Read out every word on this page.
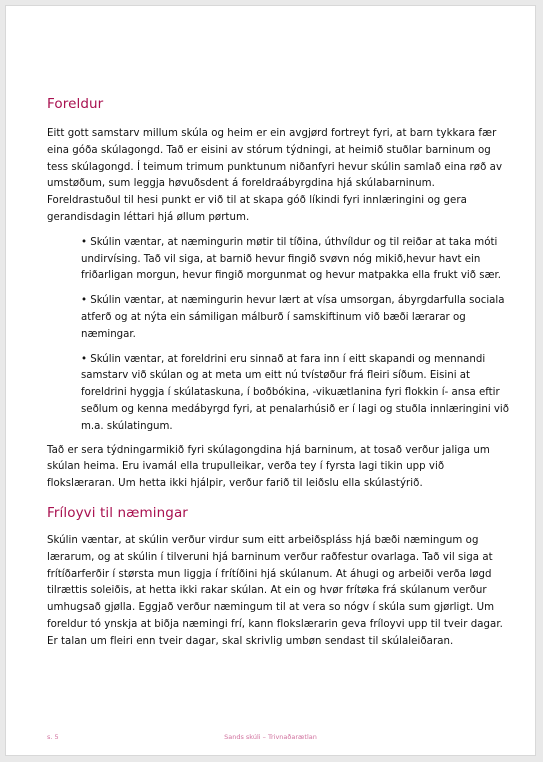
Foreldur

Eitt gott samstarv millum skúla og heim er ein avgjørd fortreyt fyri, at barn tykkara fær eina góða skúlagongd. Tað er eisini av stórum týdningi, at heimið stuðlar barninum og tess skúlagongd. Í teimum trimum punktunum niðanfyri hevur skúlin samlað eina røð av umstøðum, sum leggja høvuðsdent á foreldraábyrgdina hjá skúlabarninum. Foreldrastuðul til hesi punkt er við til at skapa góð líkindi fyri innlæringini og gera gerandisdagin léttari hjá øllum pørtum.

• Skúlin væntar, at næmingurin møtir til tíðina, úthvíldur og til reiðar at taka móti undirvísing. Tað vil siga, at barnið hevur fingið svøvn nóg mikið,hevur havt ein friðarligan morgun, hevur fingið morgunmat og hevur matpakka ella frukt við sær.
• Skúlin væntar, at næmingurin hevur lært at vísa umsorgan, ábyrgdarfulla sociala atferð og at nýta ein sámiligan málburð í samskiftinum við bæði lærarar og næmingar.
• Skúlin væntar, at foreldrini eru sinnað at fara inn í eitt skapandi og mennandi samstarv við skúlan og at meta um eitt nú tvístøður frá fleiri síðum. Eisini at foreldrini hyggja í skúlataskuna, í boðbókina, -vikuætlanina fyri flokkin í- ansa eftir seðlum og kenna medábyrgd fyri, at penalarhúsið er í lagi og stuðla innlæringini við m.a. skúlatingum.

Tað er sera týdningarmikið fyri skúlagongdina hjá barninum, at tosað verður jaliga um skúlan heima. Eru ivamál ella trupulleikar, verða tey í fyrsta lagi tikin upp við flokslæraran. Um hetta ikki hjálpir, verður farið til leiðslu ella skúlastýrið.

Fríloyvi til næmingar

Skúlin væntar, at skúlin verður virdur sum eitt arbeiðspláss hjá bæði næmingum og lærarum, og at skúlin í tilveruni hjá barninum verður raðfestur ovarlaga. Tað vil siga at frítíðarferðir í størsta mun liggja í frítíðini hjá skúlanum. At áhugi og arbeiði verða løgd tilrættis soleiðis, at hetta ikki rakar skúlan. At ein og hvør frítøka frá skúlanum verður umhugsað gjølla. Eggjað verður næmingum til at vera so nógv í skúla sum gjørligt. Um foreldur tó ynskja at biðja næmingi frí, kann flokslærarin geva fríloyvi upp til tveir dagar. Er talan um fleiri enn tveir dagar, skal skrivlig umbøn sendast til skúlaleiðaran.

s. 5	Sands skúli – Trivnaðarætlan
